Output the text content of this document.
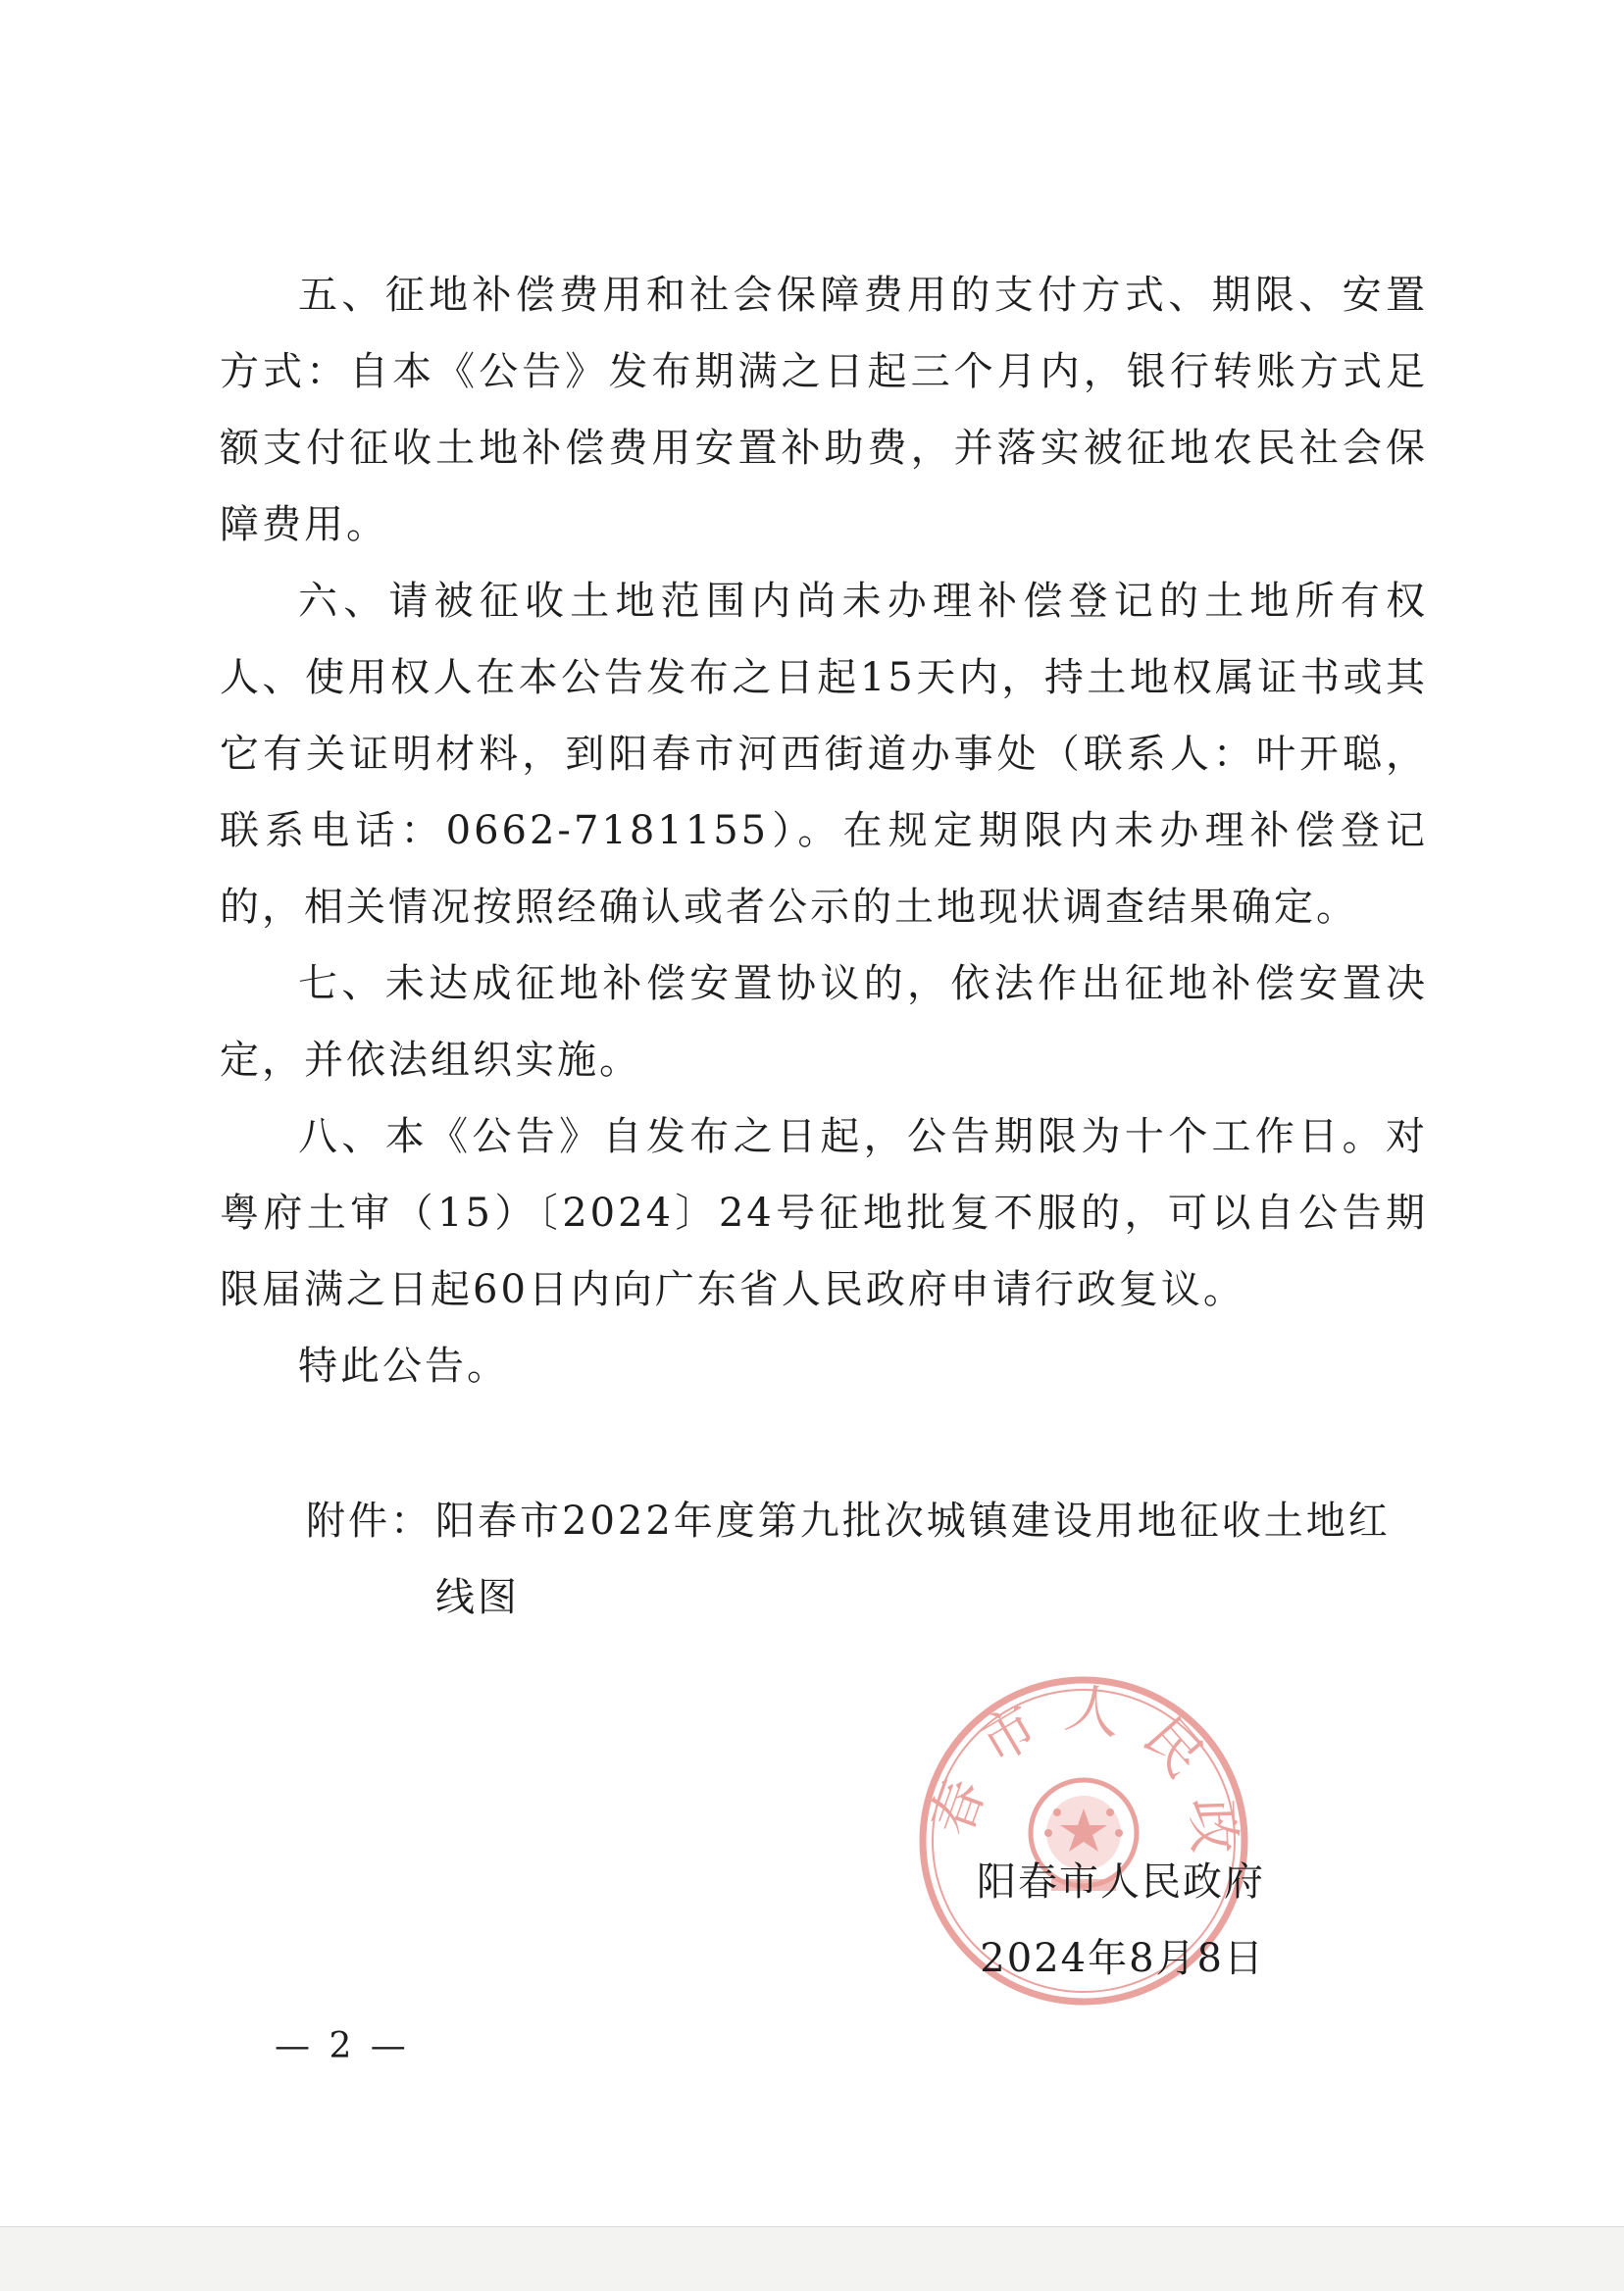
五、征地补偿费用和社会保障费用的支付方式、期限、安置方式：自本《公告》发布期满之日起三个月内，银行转账方式足额支付征收土地补偿费用安置补助费，并落实被征地农民社会保障费用。

六、请被征收土地范围内尚未办理补偿登记的土地所有权人、使用权人在本公告发布之日起15天内，持土地权属证书或其它有关证明材料，到阳春市河西街道办事处（联系人：叶开聪，联系电话：0662-7181155）。在规定期限内未办理补偿登记的，相关情况按照经确认或者公示的土地现状调查结果确定。

七、未达成征地补偿安置协议的，依法作出征地补偿安置决定，并依法组织实施。

八、本《公告》自发布之日起，公告期限为十个工作日。对粤府土审（15）〔2024〕24号征地批复不服的，可以自公告期限届满之日起60日内向广东省人民政府申请行政复议。

特此公告。

附件： 阳春市2022年度第九批次城镇建设用地征收土地红线图
春市人民政
阳春市人民政府
2024年8月8日
— 2 —
